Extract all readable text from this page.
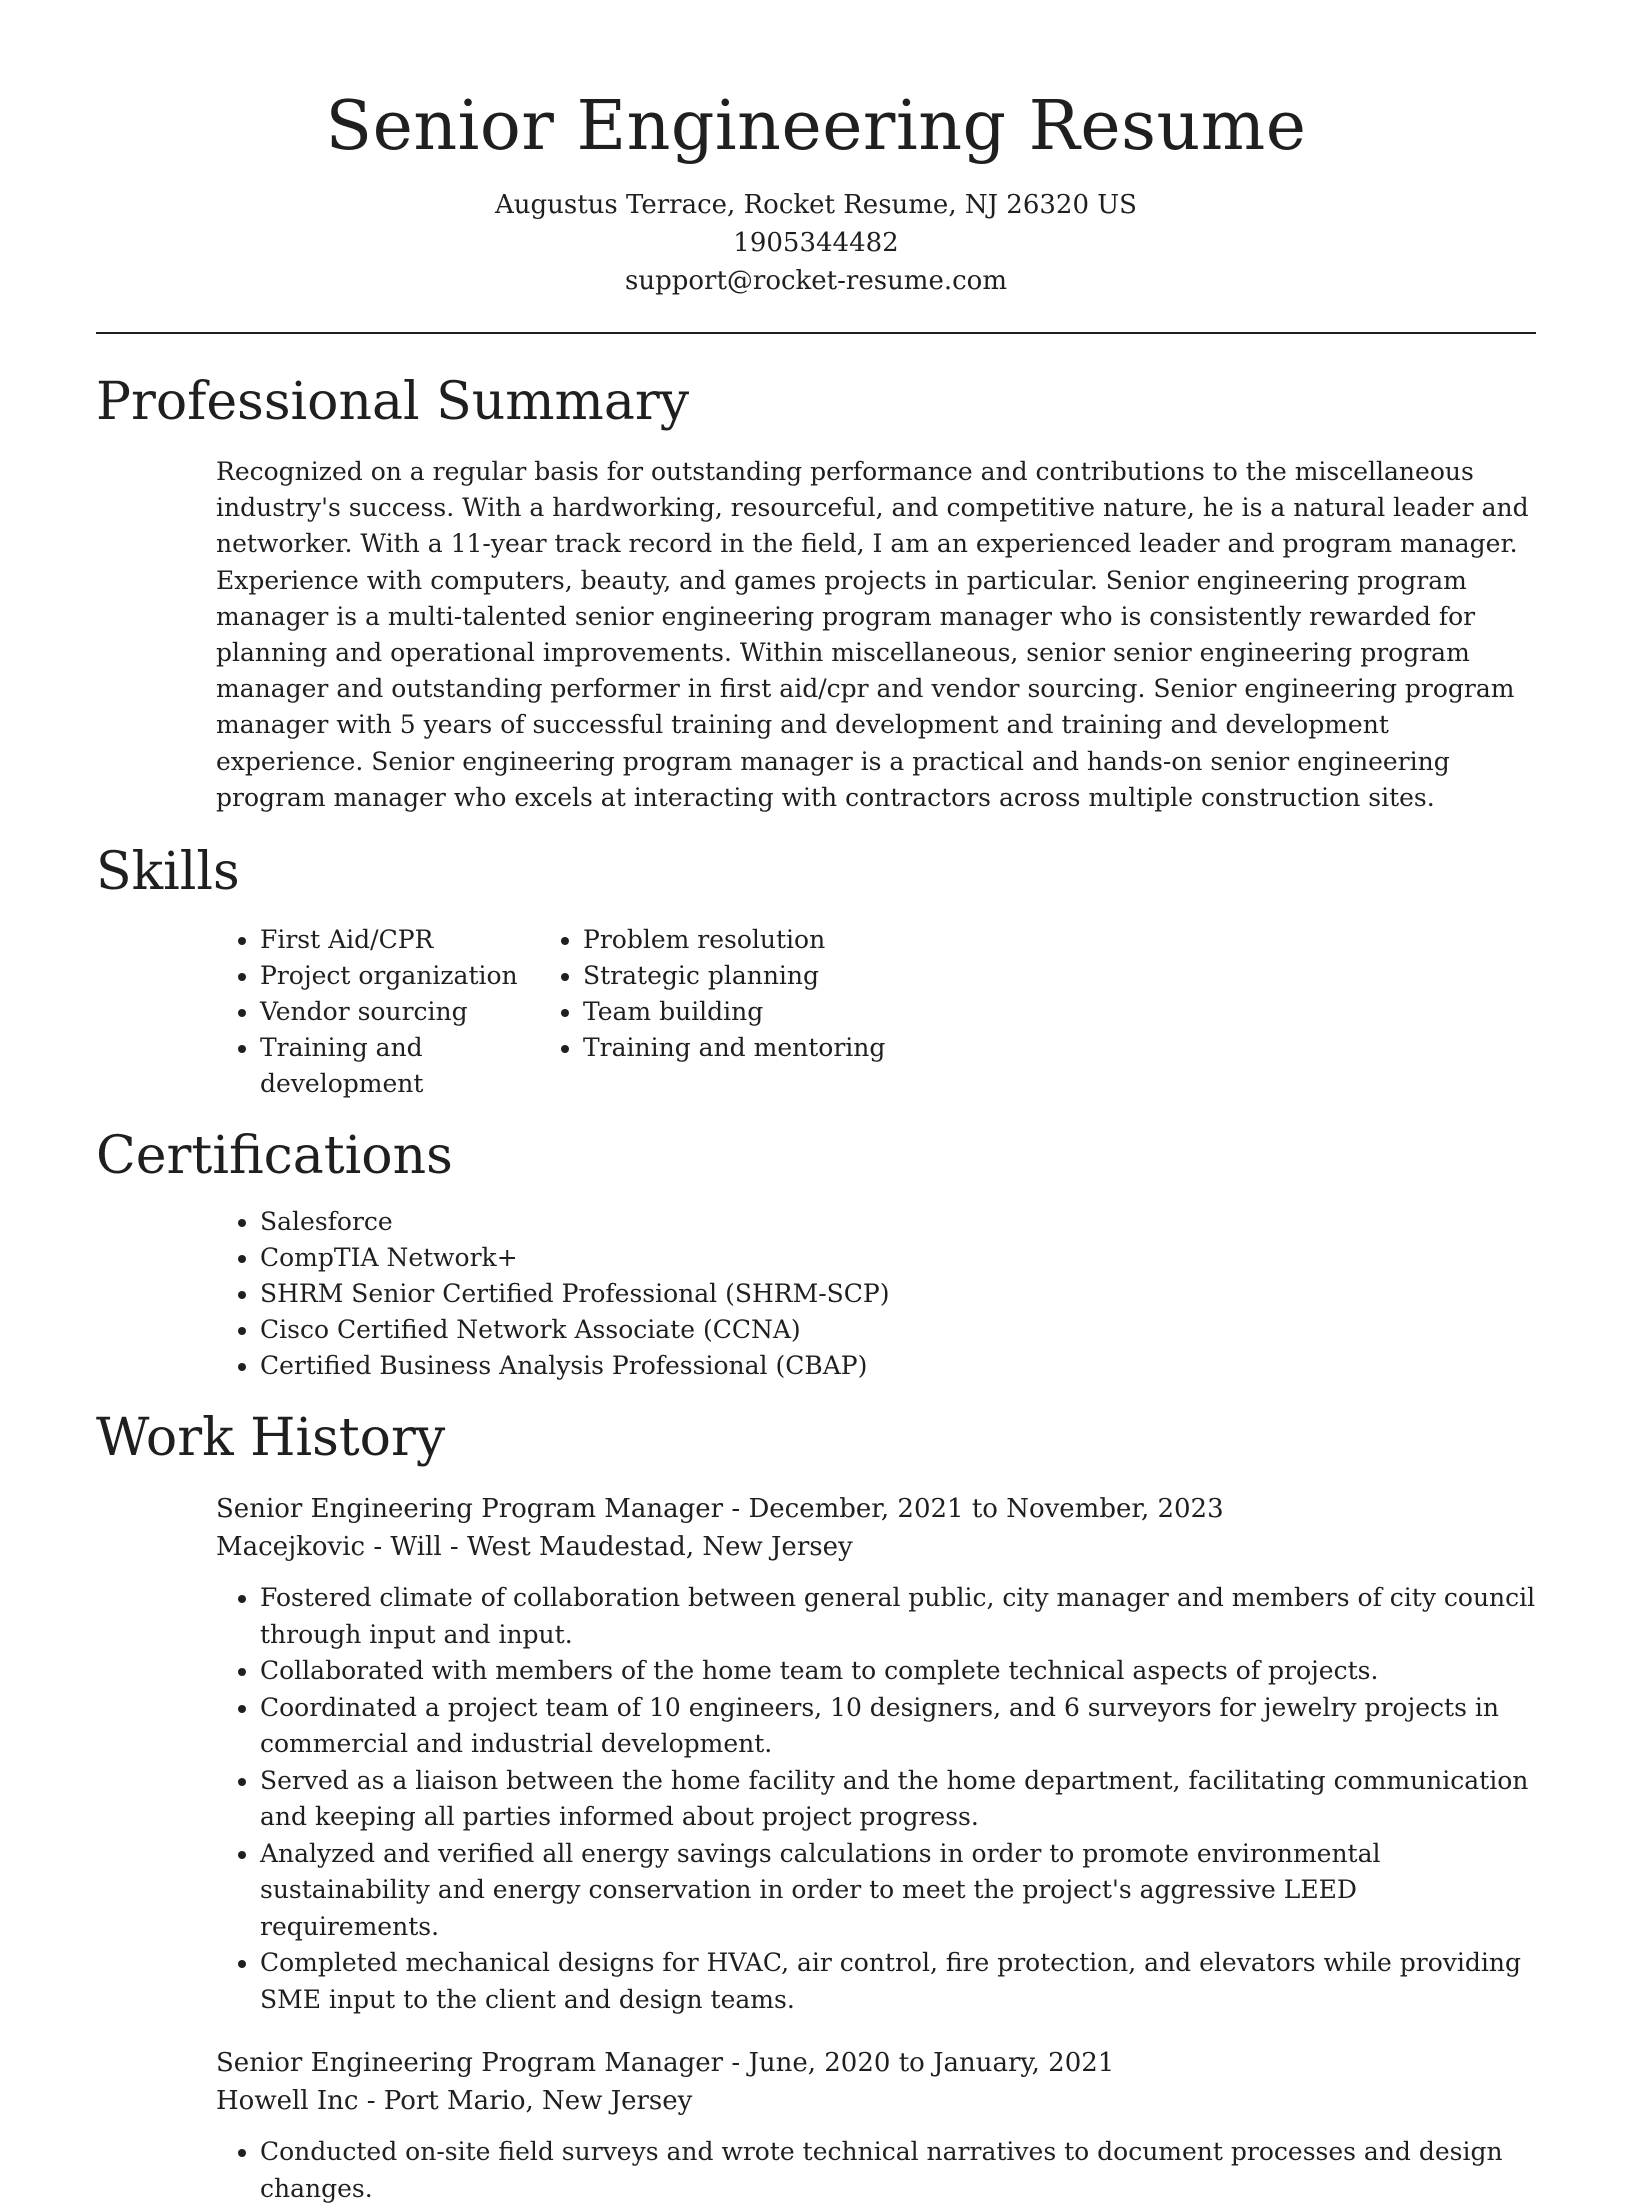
Senior Engineering Resume
Augustus Terrace, Rocket Resume, NJ 26320 US
1905344482
support@rocket-resume.com
Professional Summary

Recognized on a regular basis for outstanding performance and contributions to the miscellaneous industry's success. With a hardworking, resourceful, and competitive nature, he is a natural leader and networker. With a 11-year track record in the field, I am an experienced leader and program manager. Experience with computers, beauty, and games projects in particular. Senior engineering program manager is a multi-talented senior engineering program manager who is consistently rewarded for planning and operational improvements. Within miscellaneous, senior senior engineering program manager and outstanding performer in first aid/cpr and vendor sourcing. Senior engineering program manager with 5 years of successful training and development and training and development experience. Senior engineering program manager is a practical and hands-on senior engineering program manager who excels at interacting with contractors across multiple construction sites.

Skills
• First Aid/CPR
• Project organization
• Vendor sourcing
• Training and development
• Problem resolution
• Strategic planning
• Team building
• Training and mentoring
Certifications
• Salesforce
• CompTIA Network+
• SHRM Senior Certified Professional (SHRM-SCP)
• Cisco Certified Network Associate (CCNA)
• Certified Business Analysis Professional (CBAP)
Work History
Senior Engineering Program Manager - December, 2021 to November, 2023
Macejkovic - Will - West Maudestad, New Jersey
• Fostered climate of collaboration between general public, city manager and members of city council through input and input.
• Collaborated with members of the home team to complete technical aspects of projects.
• Coordinated a project team of 10 engineers, 10 designers, and 6 surveyors for jewelry projects in commercial and industrial development.
• Served as a liaison between the home facility and the home department, facilitating communication and keeping all parties informed about project progress.
• Analyzed and verified all energy savings calculations in order to promote environmental sustainability and energy conservation in order to meet the project's aggressive LEED requirements.
• Completed mechanical designs for HVAC, air control, fire protection, and elevators while providing SME input to the client and design teams.
Senior Engineering Program Manager - June, 2020 to January, 2021
Howell Inc - Port Mario, New Jersey
• Conducted on-site field surveys and wrote technical narratives to document processes and design changes.
